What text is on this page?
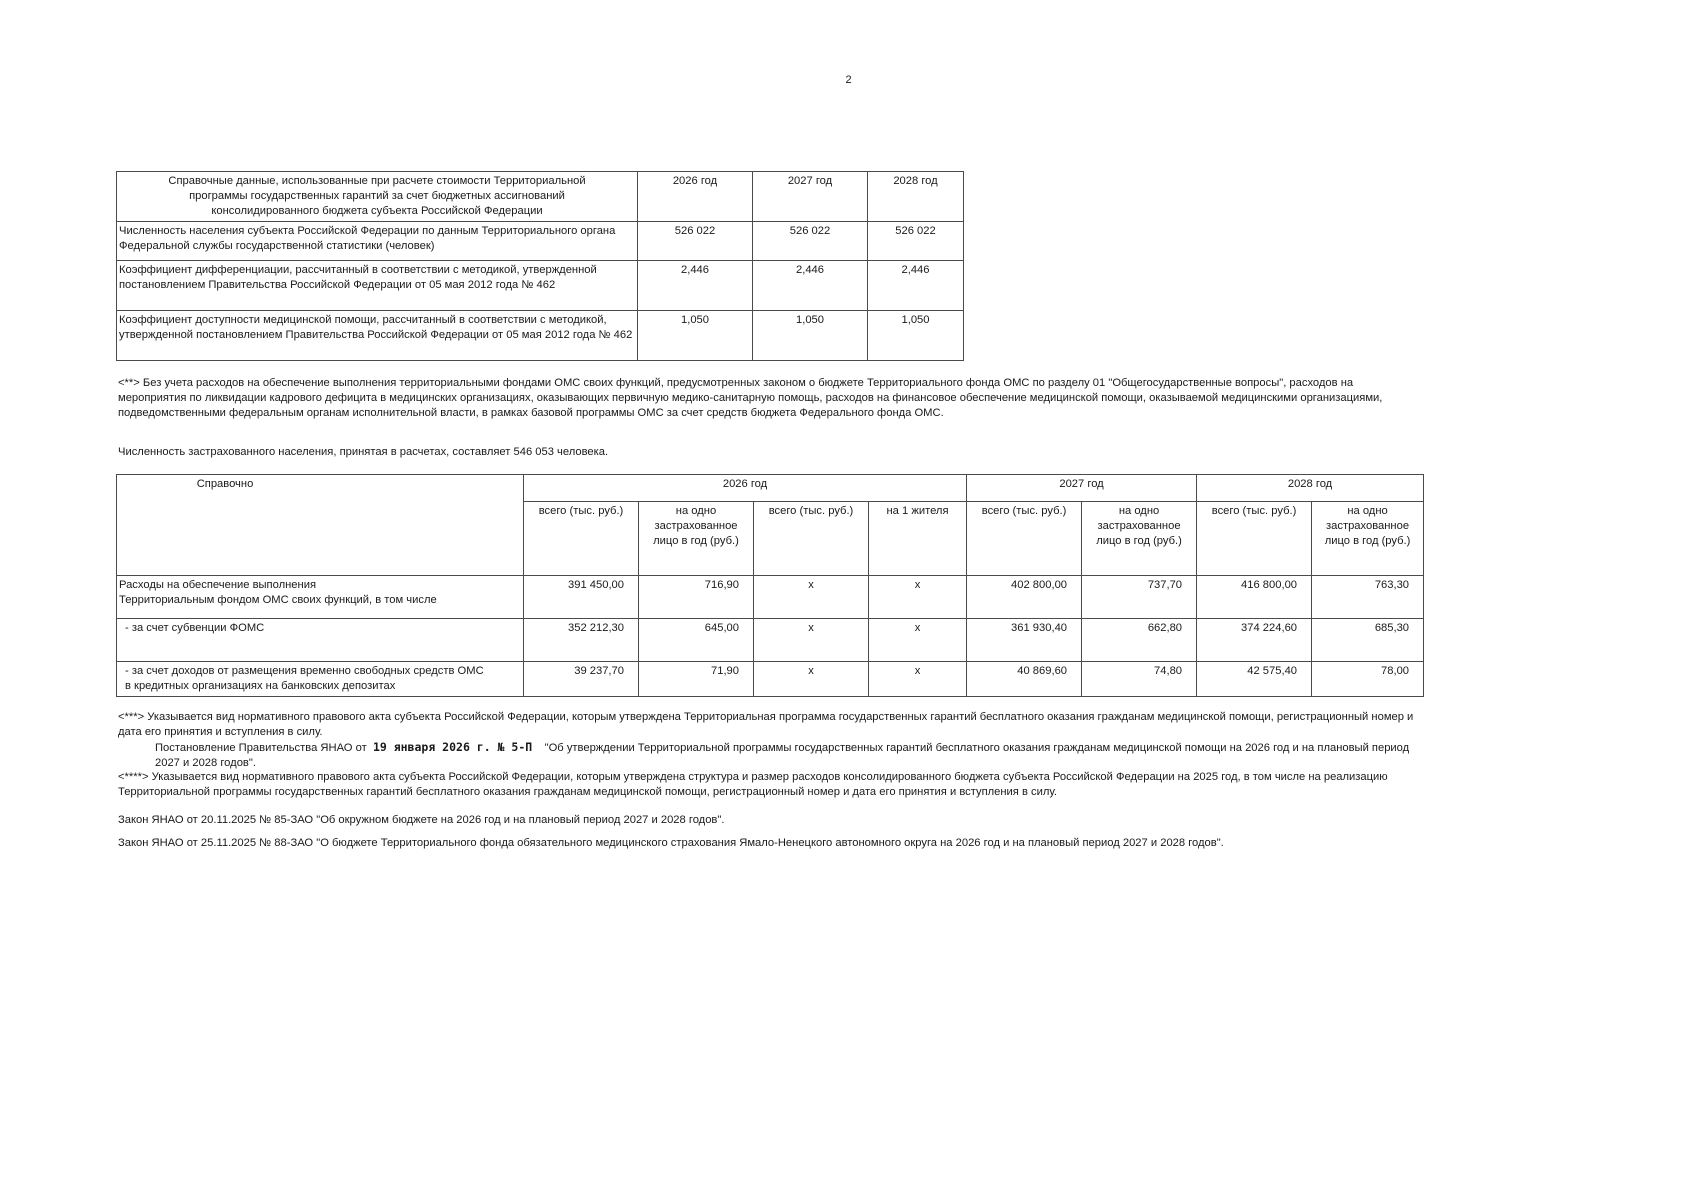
2
Справочные данные, использованные при расчете стоимости Территориальной программы государственных гарантий за счет бюджетных ассигнований консолидированного бюджета субъекта Российской Федерации	2026 год	2027 год	2028 год
Численность населения субъекта Российской Федерации по данным Территориального органа Федеральной службы государственной статистики (человек)	526 022	526 022	526 022
Коэффициент дифференциации, рассчитанный в соответствии с методикой, утвержденной постановлением Правительства Российской Федерации от 05 мая 2012 года № 462	2,446	2,446	2,446
Коэффициент доступности медицинской помощи, рассчитанный в соответствии с методикой, утвержденной постановлением Правительства Российской Федерации от 05 мая 2012 года № 462	1,050	1,050	1,050

<**> Без учета расходов на обеспечение выполнения территориальными фондами ОМС своих функций, предусмотренных законом о бюджете Территориального фонда ОМС по разделу 01 "Общегосударственные вопросы", расходов на мероприятия по ликвидации кадрового дефицита в медицинских организациях, оказывающих первичную медико-санитарную помощь, расходов на финансовое обеспечение медицинской помощи, оказываемой медицинскими организациями, подведомственными федеральным органам исполнительной власти, в рамках базовой программы ОМС за счет средств бюджета Федерального фонда ОМС.

Численность застрахованного населения, принятая в расчетах, составляет 546 053 человека.

Справочно	2026 год				2027 год		2028 год	
	всего (тыс. руб.)	на одно застрахованное лицо в год (руб.)	всего (тыс. руб.)	на 1 жителя	всего (тыс. руб.)	на одно застрахованное лицо в год (руб.)	всего (тыс. руб.)	на одно застрахованное лицо в год (руб.)
Расходы на обеспечение выполнения
Территориальным фондом ОМС своих функций, в том числе	391 450,00	716,90	х	х	402 800,00	737,70	416 800,00	763,30
- за счет субвенции ФОМС	352 212,30	645,00	х	х	361 930,40	662,80	374 224,60	685,30
- за счет доходов от размещения временно свободных средств ОМС
в кредитных организациях на банковских депозитах	39 237,70	71,90	х	х	40 869,60	74,80	42 575,40	78,00

<***> Указывается вид нормативного правового акта субъекта Российской Федерации, которым утверждена Территориальная программа государственных гарантий бесплатного оказания гражданам медицинской помощи, регистрационный номер и дата его принятия и вступления в силу.

Постановление Правительства ЯНАО от 19 января 2026 г. № 5-П "Об утверждении Территориальной программы государственных гарантий бесплатного оказания гражданам медицинской помощи на 2026 год и на плановый период 2027 и 2028 годов".

<****> Указывается вид нормативного правового акта субъекта Российской Федерации, которым утверждена структура и размер расходов консолидированного бюджета субъекта Российской Федерации на 2025 год, в том числе на реализацию Территориальной программы государственных гарантий бесплатного оказания гражданам медицинской помощи, регистрационный номер и дата его принятия и вступления в силу.

Закон ЯНАО от 20.11.2025 № 85-ЗАО "Об окружном бюджете на 2026 год и на плановый период 2027 и 2028 годов".

Закон ЯНАО от 25.11.2025 № 88-ЗАО "О бюджете Территориального фонда обязательного медицинского страхования Ямало-Ненецкого автономного округа на 2026 год и на плановый период 2027 и 2028 годов".
